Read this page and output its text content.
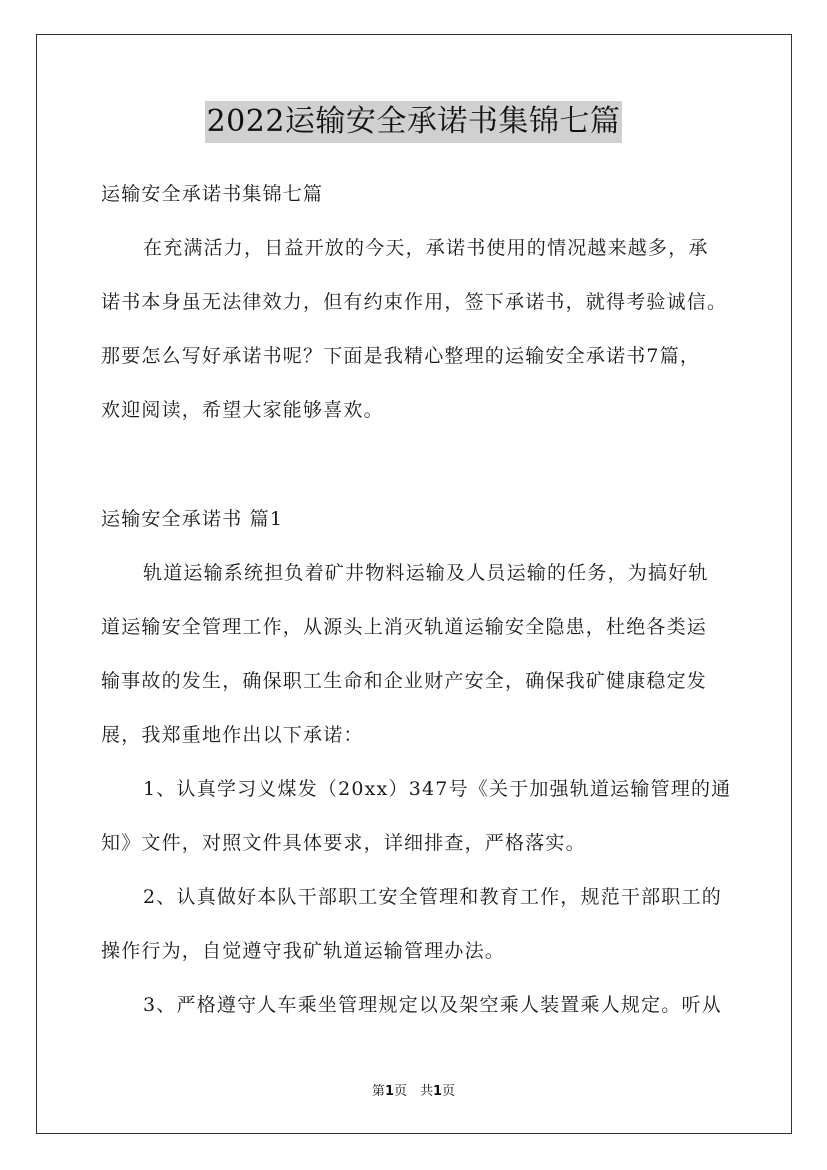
2022运输安全承诺书集锦七篇
运输安全承诺书集锦七篇
在充满活力，日益开放的今天，承诺书使用的情况越来越多，承
诺书本身虽无法律效力，但有约束作用，签下承诺书，就得考验诚信。
那要怎么写好承诺书呢？下面是我精心整理的运输安全承诺书7篇，
欢迎阅读，希望大家能够喜欢。
运输安全承诺书 篇1
轨道运输系统担负着矿井物料运输及人员运输的任务，为搞好轨
道运输安全管理工作，从源头上消灭轨道运输安全隐患，杜绝各类运
输事故的发生，确保职工生命和企业财产安全，确保我矿健康稳定发
展，我郑重地作出以下承诺：
1、认真学习义煤发（20xx）347号《关于加强轨道运输管理的通
知》文件，对照文件具体要求，详细排查，严格落实。
2、认真做好本队干部职工安全管理和教育工作，规范干部职工的
操作行为，自觉遵守我矿轨道运输管理办法。
3、严格遵守人车乘坐管理规定以及架空乘人装置乘人规定。听从
第1页　共1页
